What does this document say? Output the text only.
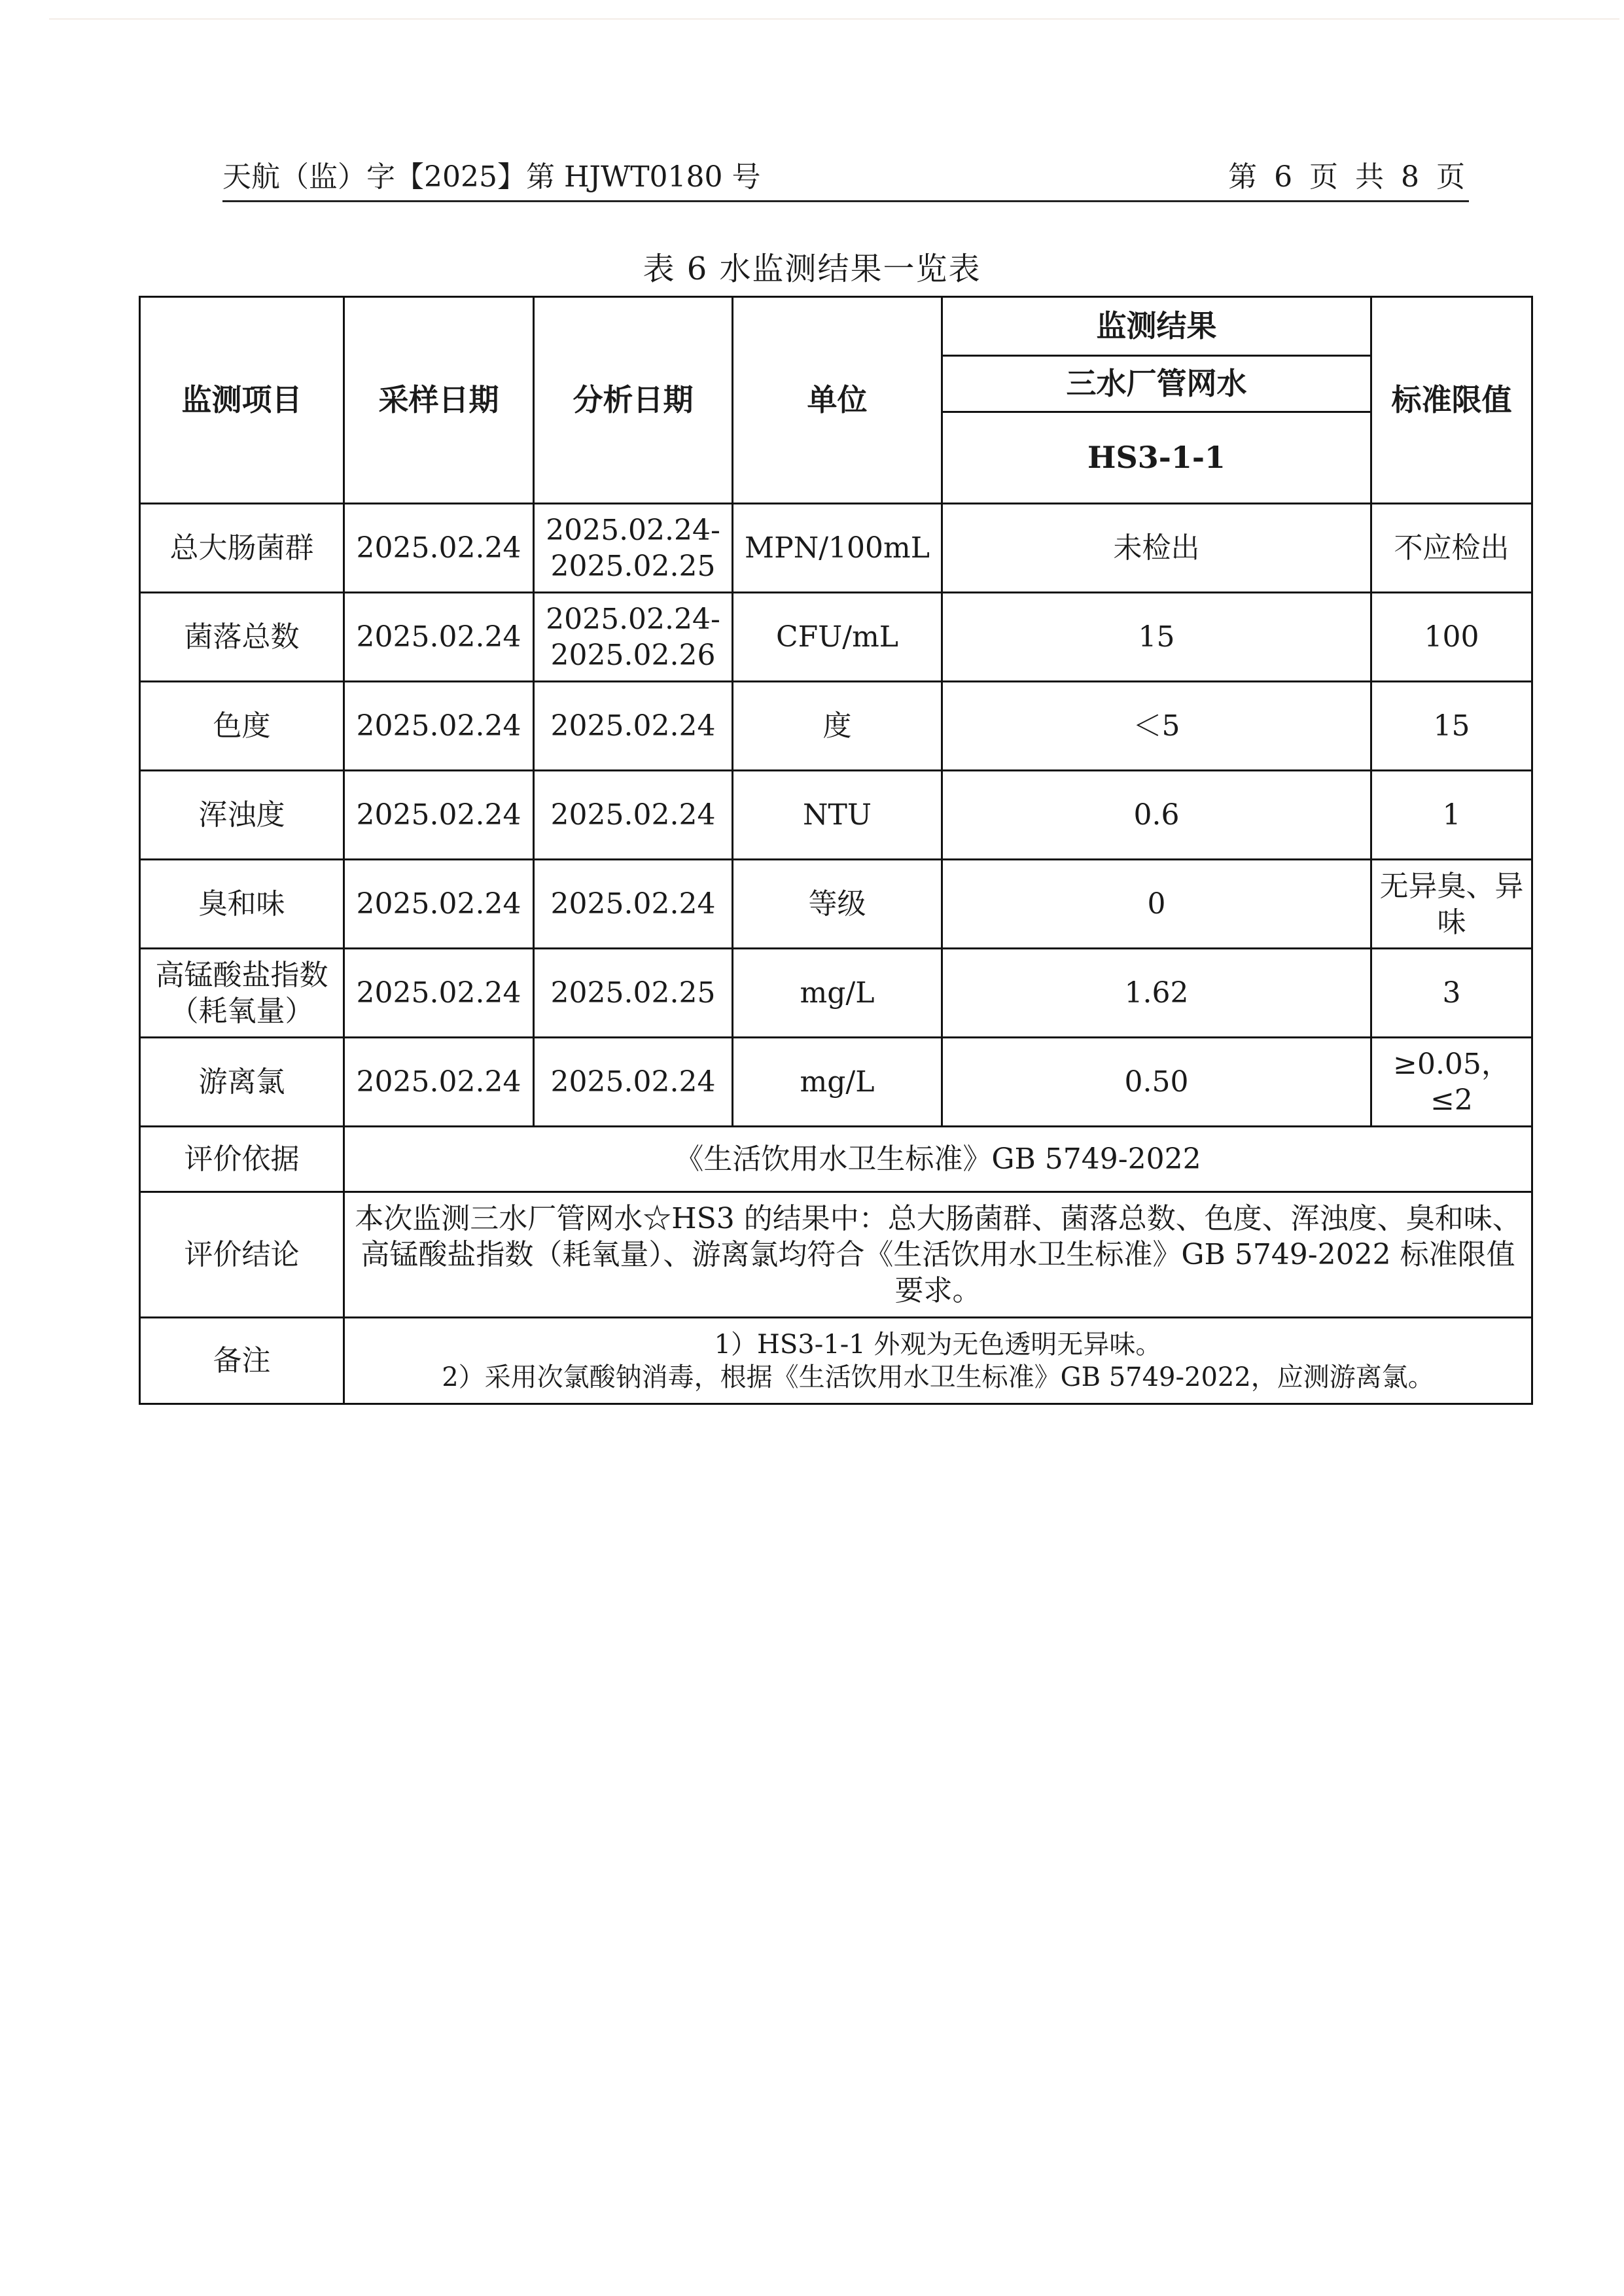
天航（监）字【2025】第 HJWT0180 号	第 6 页 共 8 页
表 6 水监测结果一览表
监测项目	采样日期	分析日期	单位	监测结果	标准限值
				三水厂管网水	
				HS3-1-1	
总大肠菌群	2025.02.24	2025.02.24-2025.02.25	MPN/100mL	未检出	不应检出
菌落总数	2025.02.24	2025.02.24-2025.02.26	CFU/mL	15	100
色度	2025.02.24	2025.02.24	度	＜5	15
浑浊度	2025.02.24	2025.02.24	NTU	0.6	1
臭和味	2025.02.24	2025.02.24	等级	0	无异臭、异味
高锰酸盐指数（耗氧量）	2025.02.24	2025.02.25	mg/L	1.62	3
游离氯	2025.02.24	2025.02.24	mg/L	0.50	≥0.05，≤2
评价依据	《生活饮用水卫生标准》GB 5749-2022				
评价结论	本次监测三水厂管网水☆HS3 的结果中：总大肠菌群、菌落总数、色度、浑浊度、臭和味、高锰酸盐指数（耗氧量）、游离氯均符合《生活饮用水卫生标准》GB 5749-2022 标准限值要求。				
备注	1）HS3-1-1 外观为无色透明无异味。
2）采用次氯酸钠消毒，根据《生活饮用水卫生标准》GB 5749-2022，应测游离氯。				
